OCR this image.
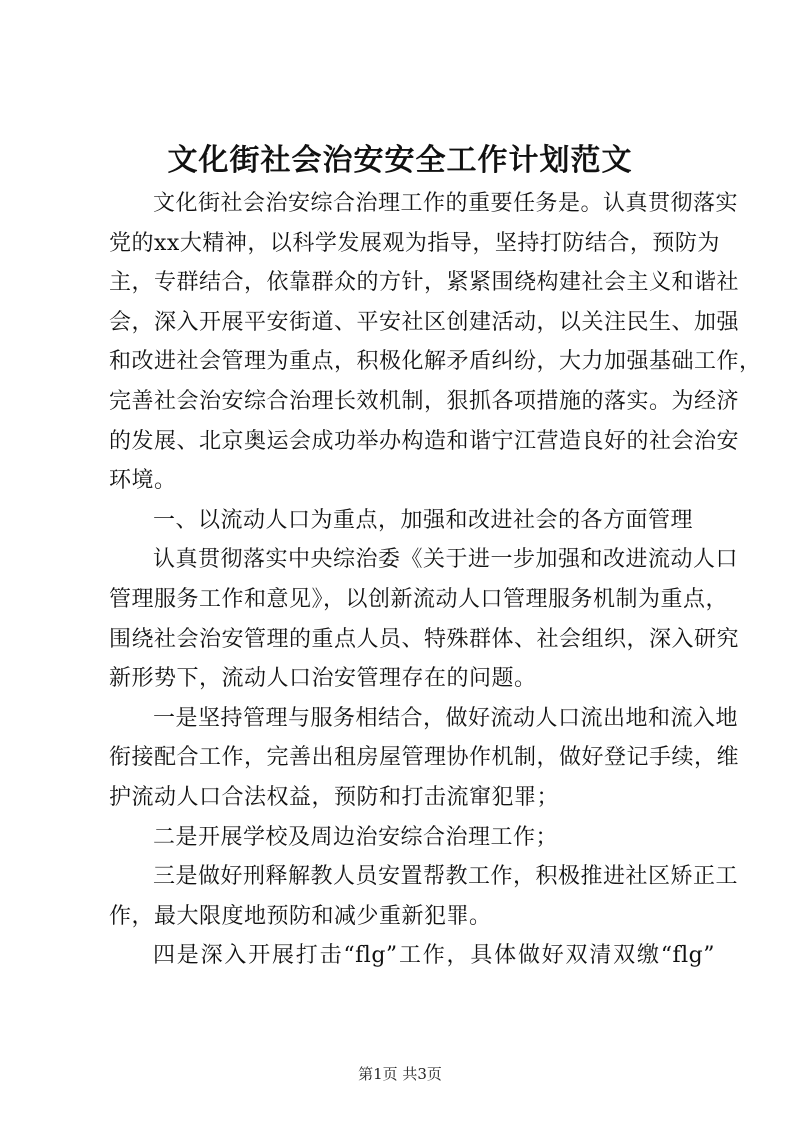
文化街社会治安安全工作计划范文
文化街社会治安综合治理工作的重要任务是。认真贯彻落实
党的xx大精神，以科学发展观为指导，坚持打防结合，预防为
主，专群结合，依靠群众的方针，紧紧围绕构建社会主义和谐社
会，深入开展平安街道、平安社区创建活动，以关注民生、加强
和改进社会管理为重点，积极化解矛盾纠纷，大力加强基础工作，
完善社会治安综合治理长效机制，狠抓各项措施的落实。为经济
的发展、北京奥运会成功举办构造和谐宁江营造良好的社会治安
环境。
一、以流动人口为重点，加强和改进社会的各方面管理
认真贯彻落实中央综治委《关于进一步加强和改进流动人口
管理服务工作和意见》，以创新流动人口管理服务机制为重点，
围绕社会治安管理的重点人员、特殊群体、社会组织，深入研究
新形势下，流动人口治安管理存在的问题。
一是坚持管理与服务相结合，做好流动人口流出地和流入地
衔接配合工作，完善出租房屋管理协作机制，做好登记手续，维
护流动人口合法权益，预防和打击流窜犯罪；
二是开展学校及周边治安综合治理工作；
三是做好刑释解教人员安置帮教工作，积极推进社区矫正工
作，最大限度地预防和减少重新犯罪。
四是深入开展打击“flg”工作，具体做好双清双缴“flg”
第1页 共3页
